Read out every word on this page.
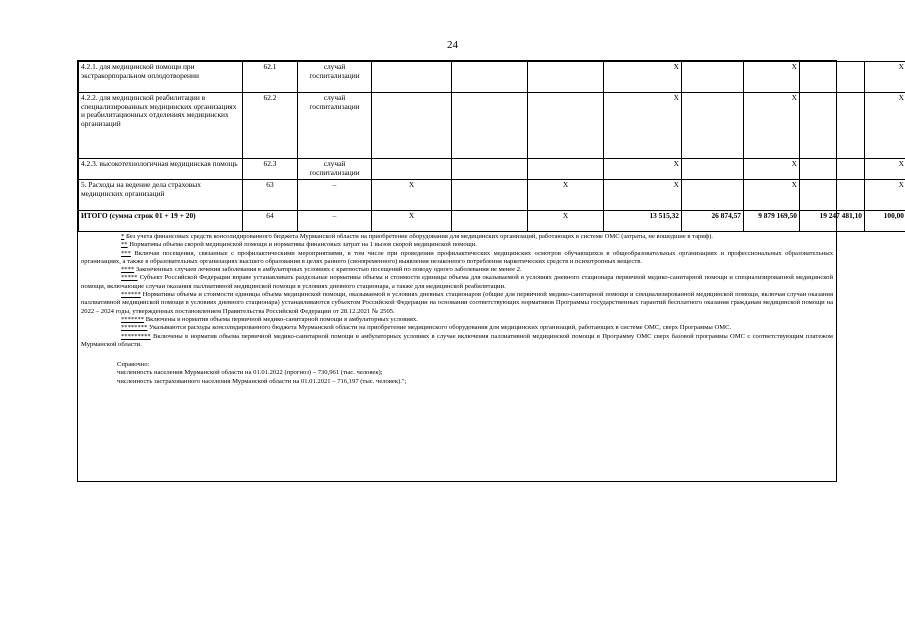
24
4.2.1. для медицинской помощи при экстракорпоральном оплодотворении	62.1	случай госпитализации				Х		Х		Х
4.2.2. для медицинской реабилитации в специализированных медицинских организациях и реабилитационных отделениях медицинских организаций	62.2	случай госпитализации				Х		Х		Х
4.2.3. высокотехнологичная медицинская помощь	62.3	случай госпитализации				Х		Х		Х
5. Расходы на ведение дела страховых медицинских организаций	63	–	Х		Х	Х		Х		Х
ИТОГО (сумма строк 01 + 19 + 20)	64	–	Х		Х	13 515,32	26 874,57	9 879 169,50	19 247 481,10	100,00

* Без учета финансовых средств консолидированного бюджета Мурманской области на приобретение оборудования для медицинских организаций, работающих в системе ОМС (затраты, не вошедшие в тариф).

** Нормативы объема скорой медицинской помощи и нормативы финансовых затрат на 1 вызов скорой медицинской помощи.

*** Включая посещения, связанные с профилактическими мероприятиями, в том числе при проведении профилактических медицинских осмотров обучающихся в общеобразовательных организациях и профессиональных образовательных организациях, а также в образовательных организациях высшего образования в целях раннего (своевременного) выявления незаконного потребления наркотических средств и психотропных веществ.

**** Законченных случаев лечения заболевания в амбулаторных условиях с кратностью посещений по поводу одного заболевания не менее 2.

***** Субъект Российской Федерации вправе устанавливать раздельные нормативы объема и стоимости единицы объема для оказываемой в условиях дневного стационара первичной медико-санитарной помощи и специализированной медицинской помощи, включающие случаи оказания паллиативной медицинской помощи в условиях дневного стационара, а также для медицинской реабилитации.

****** Нормативы объема и стоимости единицы объема медицинской помощи, оказываемой в условиях дневных стационаров (общие для первичной медико-санитарной помощи и специализированной медицинской помощи, включая случаи оказания паллиативной медицинской помощи в условиях дневного стационара) устанавливаются субъектом Российской Федерации на основании соответствующих нормативов Программы государственных гарантий бесплатного оказания гражданам медицинской помощи на 2022 – 2024 годы, утвержденных постановлением Правительства Российской Федерации от 28.12.2021 № 2505.

******* Включены в норматив объема первичной медико-санитарной помощи в амбулаторных условиях.

******** Указываются расходы консолидированного бюджета Мурманской области на приобретение медицинского оборудования для медицинских организаций, работающих в системе ОМС, сверх Программы ОМС.

********* Включены в норматив объема первичной медико-санитарной помощи в амбулаторных условиях в случае включения паллиативной медицинской помощи в Программу ОМС сверх базовой программы ОМС с соответствующим платежом Мурманской области.

Справочно:

численность населения Мурманской области на 01.01.2022 (прогноз) – 730,961 (тыс. человек);

численность застрахованного населения Мурманской области на 01.01.2021 – 716,197 (тыс. человек).";
